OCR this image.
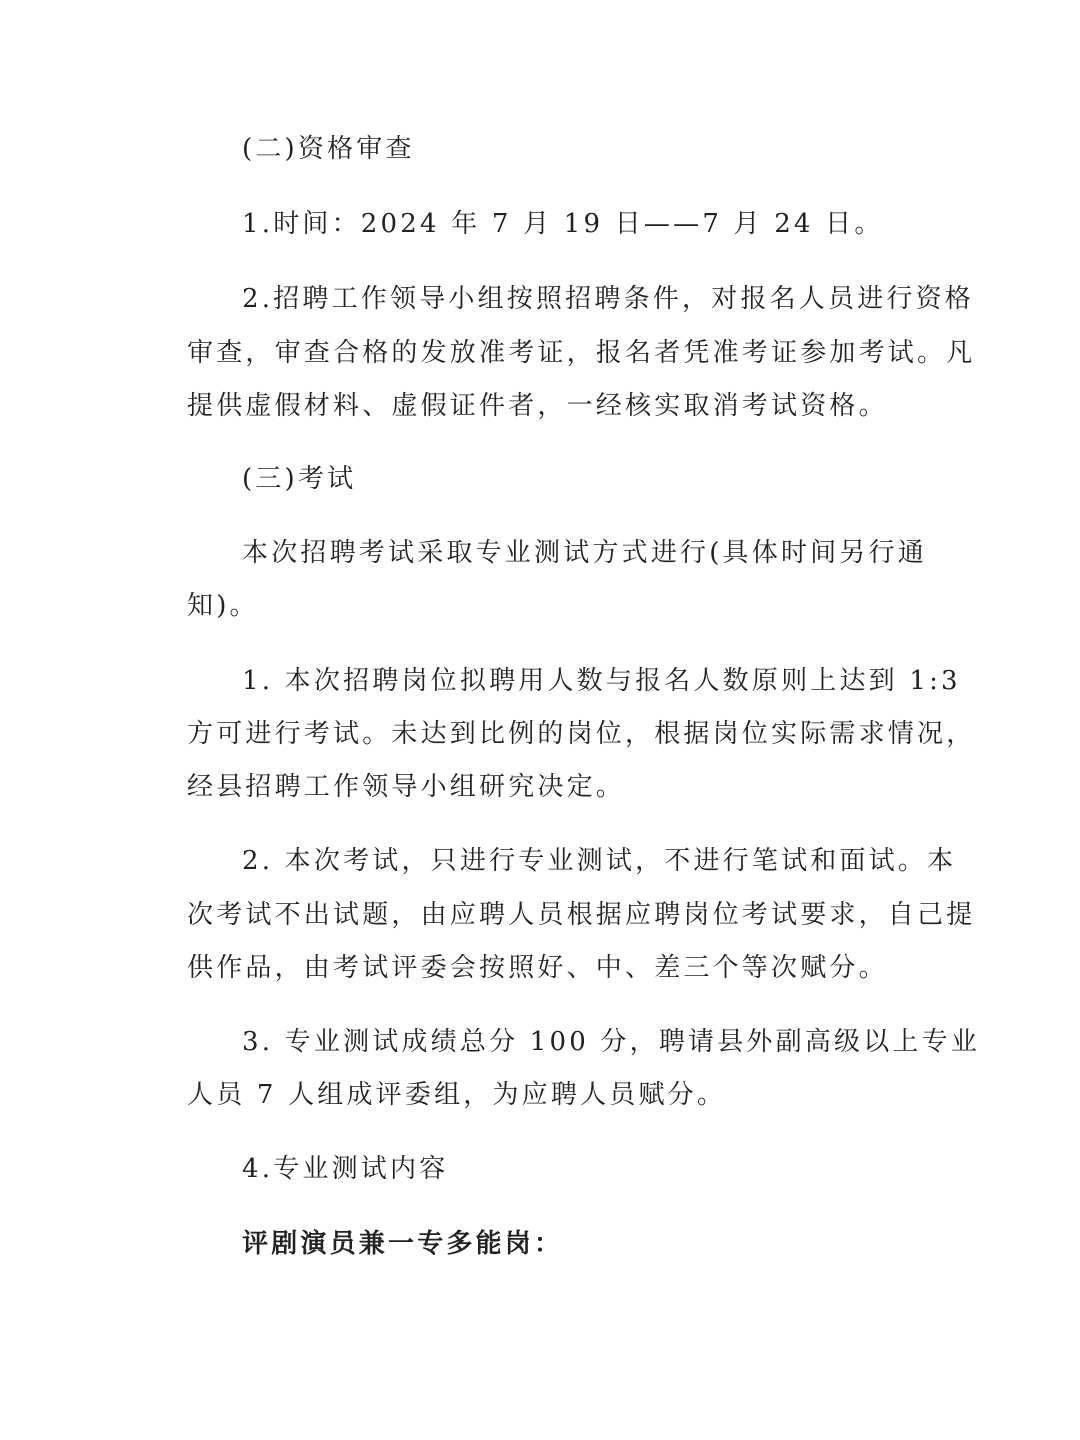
(二)资格审查
1.时间：2024 年 7 月 19 日——7 月 24 日。
2.招聘工作领导小组按照招聘条件，对报名人员进行资格
审查，审查合格的发放准考证，报名者凭准考证参加考试。凡
提供虚假材料、虚假证件者，一经核实取消考试资格。
(三)考试
本次招聘考试采取专业测试方式进行(具体时间另行通
知)。
1. 本次招聘岗位拟聘用人数与报名人数原则上达到 1:3
方可进行考试。未达到比例的岗位，根据岗位实际需求情况，
经县招聘工作领导小组研究决定。
2. 本次考试，只进行专业测试，不进行笔试和面试。本
次考试不出试题，由应聘人员根据应聘岗位考试要求，自己提
供作品，由考试评委会按照好、中、差三个等次赋分。
3. 专业测试成绩总分 100 分，聘请县外副高级以上专业
人员 7 人组成评委组，为应聘人员赋分。
4.专业测试内容
评剧演员兼一专多能岗：
